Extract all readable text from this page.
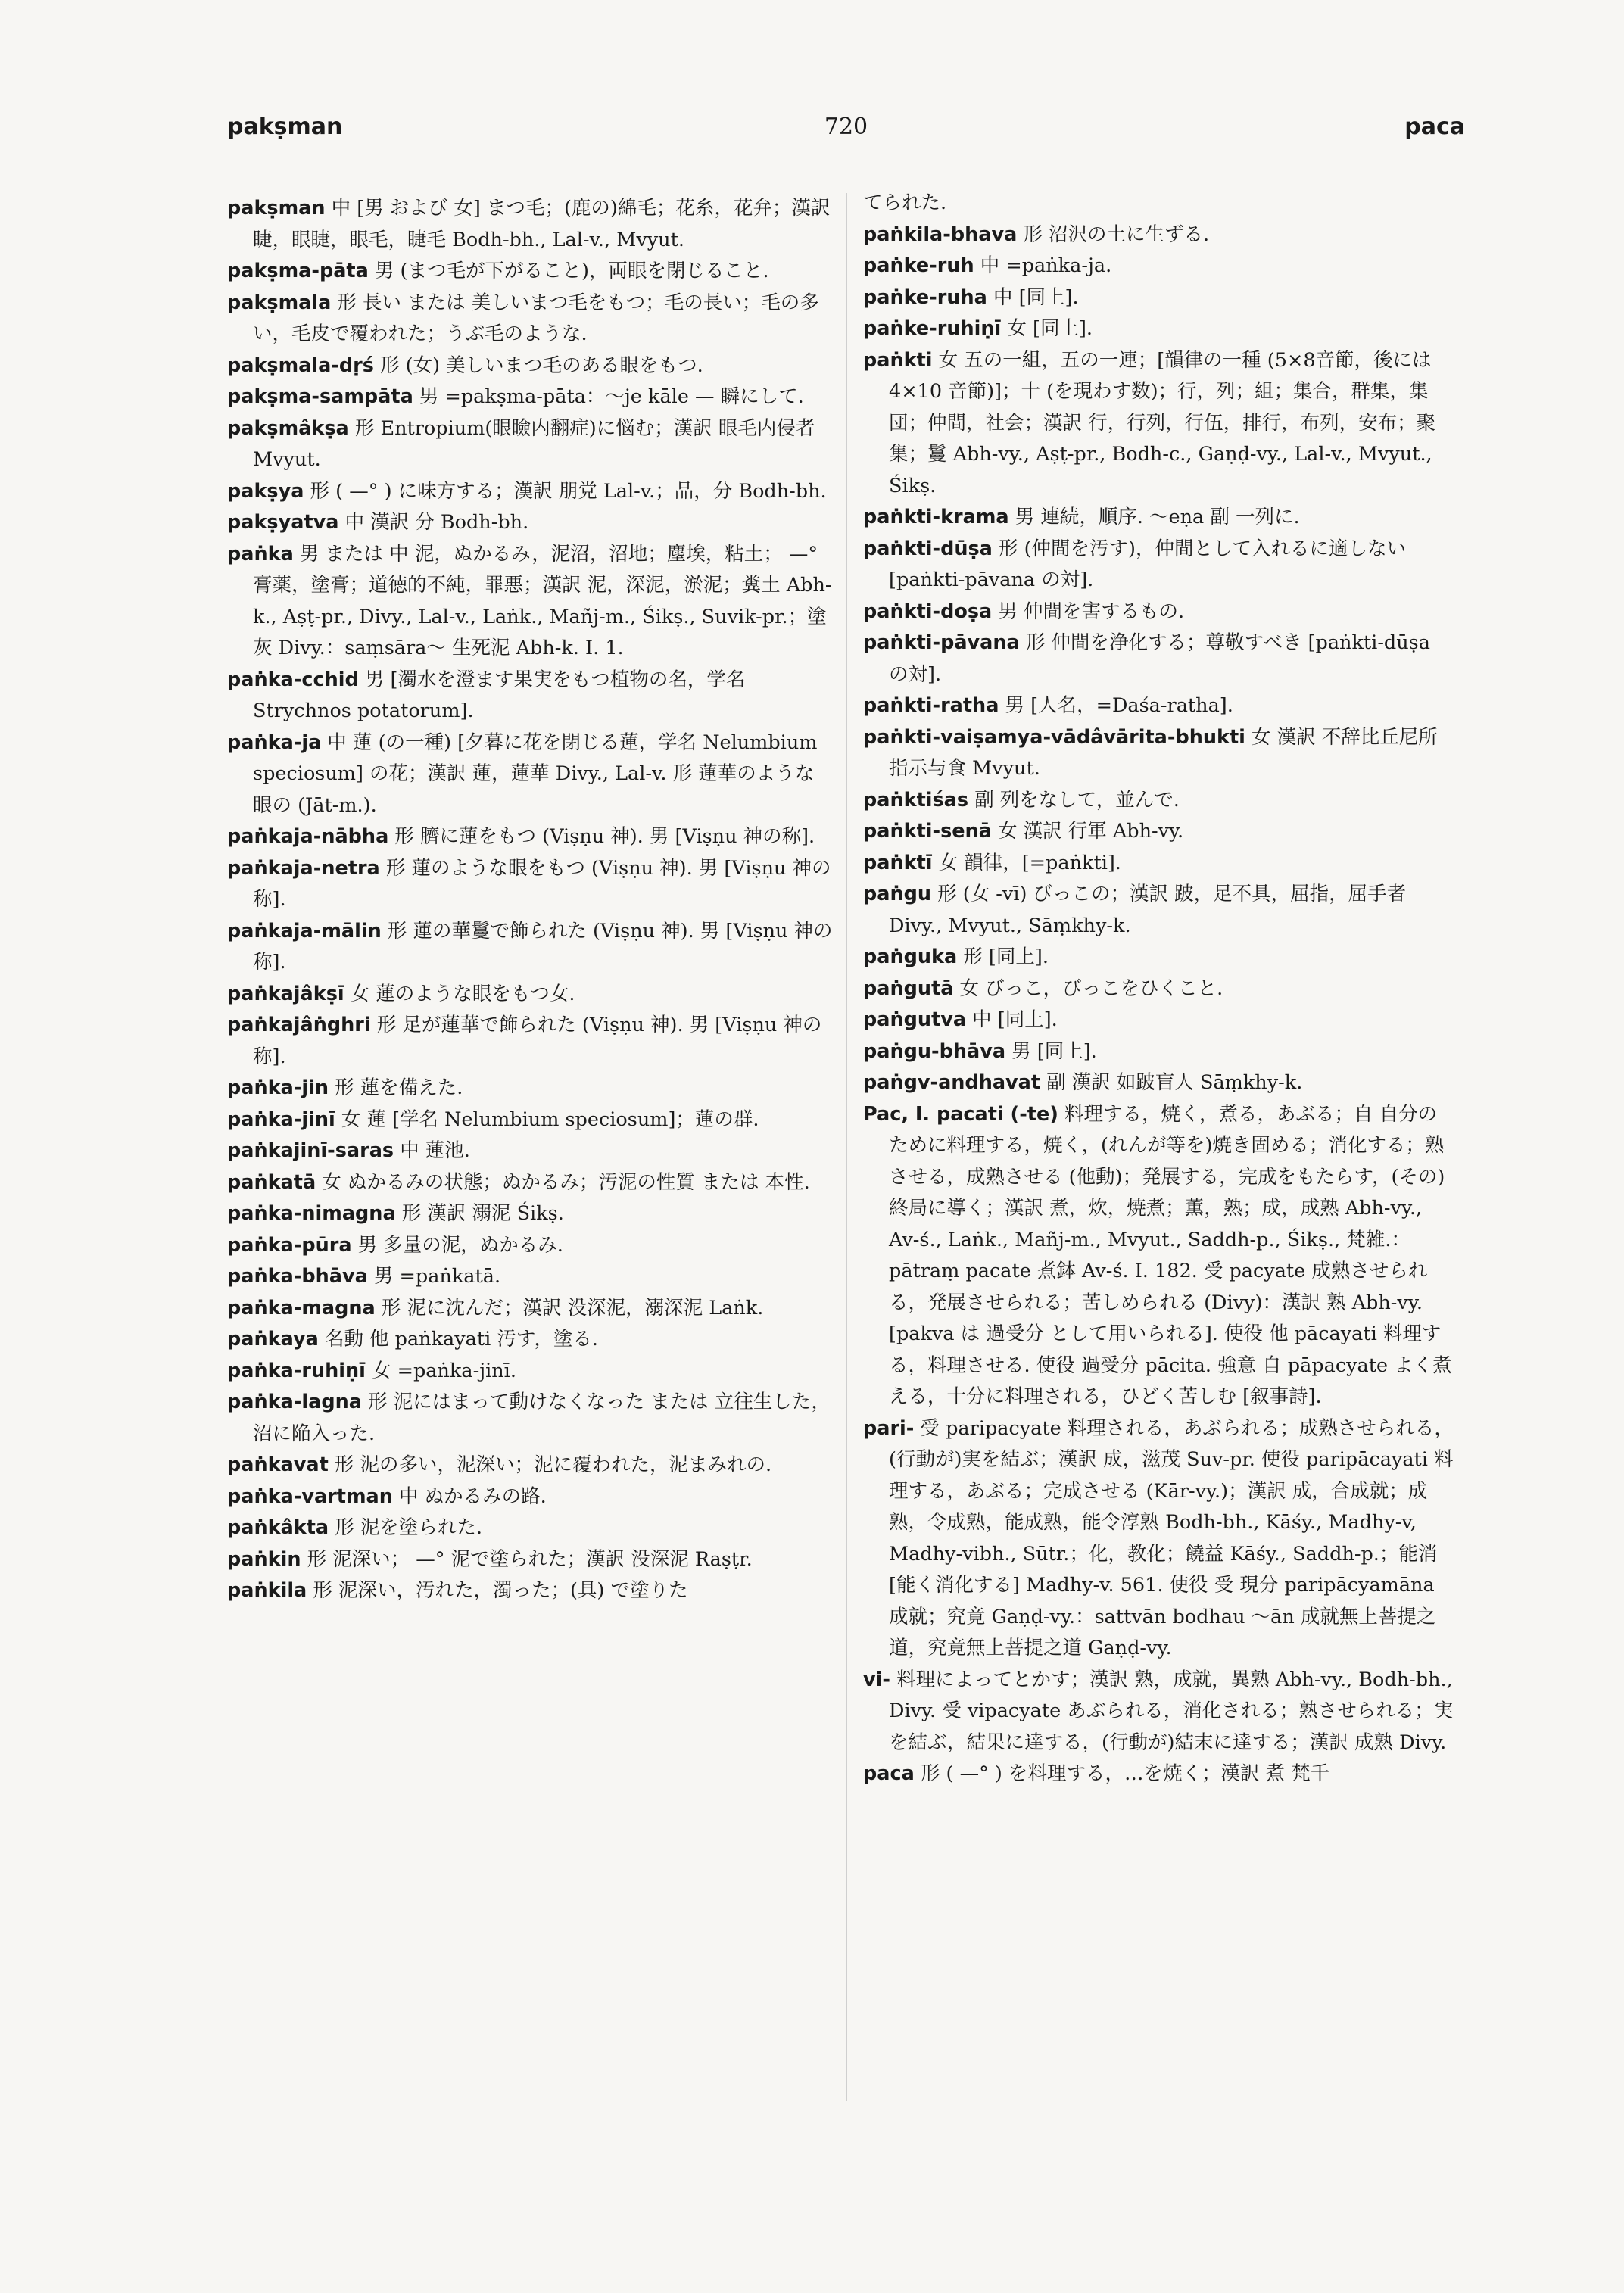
pakṣman	720	paca

pakṣman 中 [男 および 女] まつ毛；(鹿の)綿毛；花糸，花弁；漢訳 睫，眼睫，眼毛，睫毛 Bodh-bh., Lal-v., Mvyut.

pakṣma-pāta 男 (まつ毛が下がること)，両眼を閉じること.

pakṣmala 形 長い または 美しいまつ毛をもつ；毛の長い；毛の多い，毛皮で覆われた；うぶ毛のような.

pakṣmala-dṛś 形 (女) 美しいまつ毛のある眼をもつ.

pakṣma-sampāta 男 =pakṣma-pāta：〜je kāle — 瞬にして.

pakṣmâkṣa 形 Entropium(眼瞼内翻症)に悩む；漢訳 眼毛内侵者 Mvyut.

pakṣya 形 ( —° ) に味方する；漢訳 朋党 Lal-v.；品，分 Bodh-bh.

pakṣyatva 中 漢訳 分 Bodh-bh.

paṅka 男 または 中 泥，ぬかるみ，泥沼，沼地；塵埃，粘土； —° 膏薬，塗膏；道徳的不純，罪悪；漢訳 泥，深泥，淤泥；糞土 Abh-k., Aṣṭ-pr., Divy., Lal-v., Laṅk., Mañj-m., Śikṣ., Suvik-pr.；塗灰 Divy.：saṃsāra〜 生死泥 Abh-k. I. 1.

paṅka-cchid 男 [濁水を澄ます果実をもつ植物の名，学名 Strychnos potatorum].

paṅka-ja 中 蓮 (の一種) [夕暮に花を閉じる蓮，学名 Nelumbium speciosum] の花；漢訳 蓮，蓮華 Divy., Lal-v. 形 蓮華のような眼の (Jāt-m.).

paṅkaja-nābha 形 臍に蓮をもつ (Viṣṇu 神). 男 [Viṣṇu 神の称].

paṅkaja-netra 形 蓮のような眼をもつ (Viṣṇu 神). 男 [Viṣṇu 神の称].

paṅkaja-mālin 形 蓮の華鬘で飾られた (Viṣṇu 神). 男 [Viṣṇu 神の称].

paṅkajâkṣī 女 蓮のような眼をもつ女.

paṅkajâṅghri 形 足が蓮華で飾られた (Viṣṇu 神). 男 [Viṣṇu 神の称].

paṅka-jin 形 蓮を備えた.

paṅka-jinī 女 蓮 [学名 Nelumbium speciosum]；蓮の群.

paṅkajinī-saras 中 蓮池.

paṅkatā 女 ぬかるみの状態；ぬかるみ；汚泥の性質 または 本性.

paṅka-nimagna 形 漢訳 溺泥 Śikṣ.

paṅka-pūra 男 多量の泥，ぬかるみ.

paṅka-bhāva 男 =paṅkatā.

paṅka-magna 形 泥に沈んだ；漢訳 没深泥，溺深泥 Laṅk.

paṅkaya 名動 他 paṅkayati 汚す，塗る.

paṅka-ruhiṇī 女 =paṅka-jinī.

paṅka-lagna 形 泥にはまって動けなくなった または 立往生した，沼に陥入った.

paṅkavat 形 泥の多い，泥深い；泥に覆われた，泥まみれの.

paṅka-vartman 中 ぬかるみの路.

paṅkâkta 形 泥を塗られた.

paṅkin 形 泥深い； —° 泥で塗られた；漢訳 没深泥 Raṣṭr.

paṅkila 形 泥深い，汚れた，濁った；(具) で塗りた

てられた.

paṅkila-bhava 形 沼沢の土に生ずる.

paṅke-ruh 中 =paṅka-ja.

paṅke-ruha 中 [同上].

paṅke-ruhiṇī 女 [同上].

paṅkti 女 五の一組，五の一連；[韻律の一種 (5×8音節，後には 4×10 音節)]；十 (を現わす数)；行，列；組；集合，群集，集団；仲間，社会；漢訳 行，行列，行伍，排行，布列，安布；聚集；鬘 Abh-vy., Aṣṭ-pr., Bodh-c., Gaṇḍ-vy., Lal-v., Mvyut., Śikṣ.

paṅkti-krama 男 連続，順序. 〜eṇa 副 一列に.

paṅkti-dūṣa 形 (仲間を汚す)，仲間として入れるに適しない [paṅkti-pāvana の対].

paṅkti-doṣa 男 仲間を害するもの.

paṅkti-pāvana 形 仲間を浄化する；尊敬すべき [paṅkti-dūṣa の対].

paṅkti-ratha 男 [人名，=Daśa-ratha].

paṅkti-vaiṣamya-vādâvārita-bhukti 女 漢訳 不辞比丘尼所指示与食 Mvyut.

paṅktiśas 副 列をなして，並んで.

paṅkti-senā 女 漢訳 行軍 Abh-vy.

paṅktī 女 韻律，[=paṅkti].

paṅgu 形 (女 -vī) びっこの；漢訳 跛，足不具，屈指，屈手者 Divy., Mvyut., Sāṃkhy-k.

paṅguka 形 [同上].

paṅgutā 女 びっこ，びっこをひくこと.

paṅgutva 中 [同上].

paṅgu-bhāva 男 [同上].

paṅgv-andhavat 副 漢訳 如跛盲人 Sāṃkhy-k.

Pac, I. pacati (-te) 料理する，焼く，煮る，あぶる；自 自分のために料理する，焼く，(れんが等を)焼き固める；消化する；熟させる，成熟させる (他動)；発展する，完成をもたらす，(その)終局に導く；漢訳 煮，炊，焼煮；薫，熟；成，成熟 Abh-vy., Av-ś., Laṅk., Mañj-m., Mvyut., Saddh-p., Śikṣ., 梵雑.：pātraṃ pacate 煮鉢 Av-ś. I. 182. 受 pacyate 成熟させられる，発展させられる；苦しめられる (Divy)：漢訳 熟 Abh-vy. [pakva は 過受分 として用いられる]. 使役 他 pācayati 料理する，料理させる. 使役 過受分 pācita. 強意 自 pāpacyate よく煮える，十分に料理される，ひどく苦しむ [叙事詩].

pari- 受 paripacyate 料理される，あぶられる；成熟させられる，(行動が)実を結ぶ；漢訳 成，滋茂 Suv-pr. 使役 paripācayati 料理する，あぶる；完成させる (Kār-vy.)；漢訳 成，合成就；成熟，令成熟，能成熟，能令淳熟 Bodh-bh., Kāśy., Madhy-v, Madhy-vibh., Sūtr.；化，教化；饒益 Kāśy., Saddh-p.；能消 [能く消化する] Madhy-v. 561. 使役 受 現分 paripācyamāna 成就；究竟 Gaṇḍ-vy.：sattvān bodhau 〜ān 成就無上菩提之道，究竟無上菩提之道 Gaṇḍ-vy.

vi- 料理によってとかす；漢訳 熟，成就，異熟 Abh-vy., Bodh-bh., Divy. 受 vipacyate あぶられる，消化される；熟させられる；実を結ぶ，結果に達する，(行動が)結末に達する；漢訳 成熟 Divy.

paca 形 ( —° ) を料理する，…を焼く；漢訳 煮 梵千
